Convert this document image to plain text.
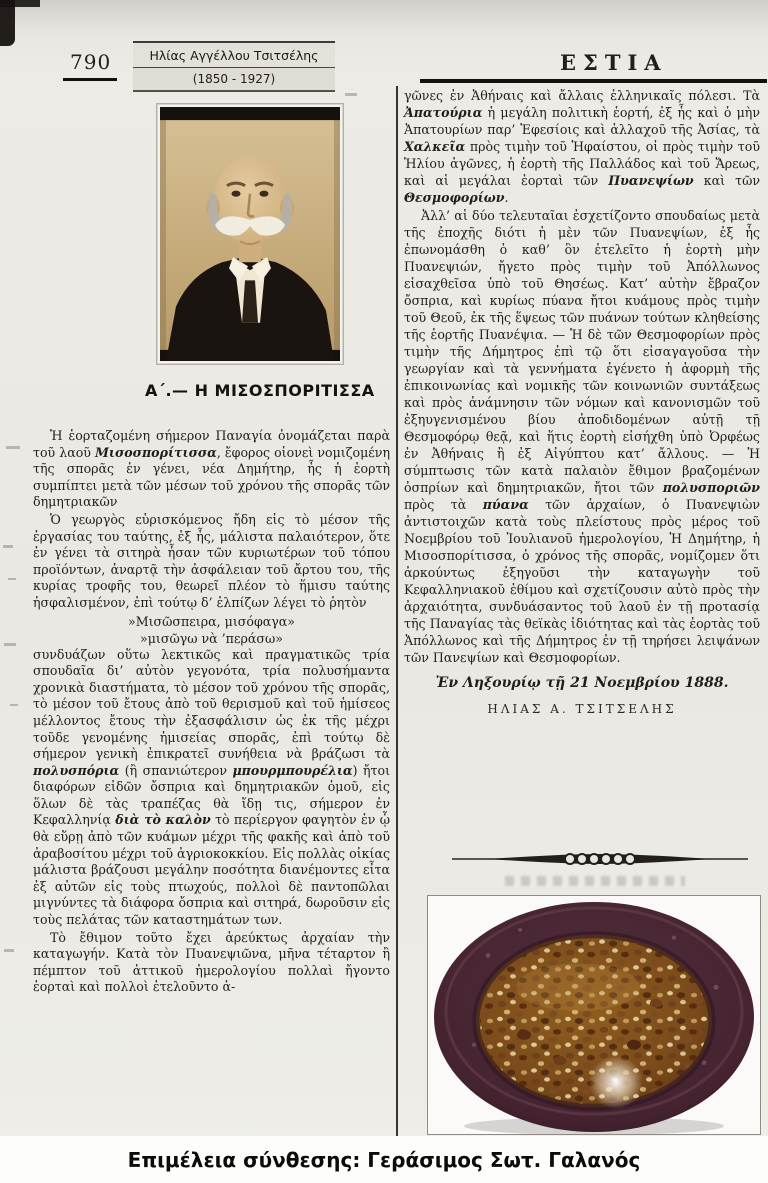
790	ΕΣΤΙΑ
Ηλίας Αγγέλλου Τσιτσέλης
(1850 - 1927)
Α΄.— Η ΜΙΣΟΣΠΟΡΙΤΙΣΣΑ

Ἡ ἑορταζομένη σήμερον Παναγία ὀνομάζεται παρὰ τοῦ λαοῦ Μισοσπορίτισσα, ἔφορος οἱονεὶ νομιζομένη τῆς σπορᾶς ἐν γένει, νέα Δημήτηρ, ἧς ἡ ἑορτὴ συμπίπτει μετὰ τῶν μέσων τοῦ χρόνου τῆς σπορᾶς τῶν δημητριακῶν

Ὁ γεωργὸς εὑρισκόμενος ἤδη εἰς τὸ μέσον τῆς ἐργασίας του ταύτης, ἐξ ἧς, μάλιστα παλαιότερον, ὅτε ἐν γένει τὰ σιτηρὰ ἦσαν τῶν κυριωτέρων τοῦ τόπου προϊόντων, ἀναρτᾷ τὴν ἀσφάλειαν τοῦ ἄρτου του, τῆς κυρίας τροφῆς του, θεωρεῖ πλέον τὸ ἥμισυ ταύτης ἠσφαλισμένον, ἐπὶ τούτῳ δ’ ἐλπίζων λέγει τὸ ῥητὸν

»Μισῶσπειρα, μισόφαγα»

»μισῶγω νὰ ’περάσω»

συνδυάζων οὕτω λεκτικῶς καὶ πραγματικῶς τρία σπουδαῖα δι’ αὐτὸν γεγονότα, τρία πολυσήμαντα χρονικὰ διαστήματα, τὸ μέσον τοῦ χρόνου τῆς σπορᾶς, τὸ μέσον τοῦ ἔτους ἀπὸ τοῦ θερισμοῦ καὶ τοῦ ἡμίσεος μέλλοντος ἔτους τὴν ἐξασφάλισιν ὡς ἐκ τῆς μέχρι τοῦδε γενομένης ἡμισείας σπορᾶς, ἐπὶ τούτῳ δὲ σήμερον γενικὴ ἐπικρατεῖ συνήθεια νὰ βράζωσι τὰ πολυσπόρια (ἢ σπανιώτερον μπουρμπουρέλια) ἤτοι διαφόρων εἰδῶν ὄσπρια καὶ δημητριακῶν ὁμοῦ, εἰς ὅλων δὲ τὰς τραπέζας θὰ ἴδῃ τις, σήμερον ἐν Κεφαλληνίᾳ διὰ τὸ καλὸν τὸ περίεργον φαγητὸν ἐν ᾧ θὰ εὕρῃ ἀπὸ τῶν κυάμων μέχρι τῆς φακῆς καὶ ἀπὸ τοῦ ἀραβοσίτου μέχρι τοῦ ἀγριοκοκκίου. Εἰς πολλὰς οἰκίας μάλιστα βράζουσι μεγάλην ποσότητα διανέμοντες εἶτα ἐξ αὐτῶν εἰς τοὺς πτωχούς, πολλοὶ δὲ παντοπῶλαι μιγνύντες τὰ διάφορα ὄσπρια καὶ σιτηρά, δωροῦσιν εἰς τοὺς πελάτας τῶν καταστημάτων των.

Τὸ ἔθιμον τοῦτο ἔχει ἀρεύκτως ἀρχαίαν τὴν καταγωγήν. Κατὰ τὸν Πυανεψιῶνα, μῆνα τέταρτον ἢ πέμπτον τοῦ ἀττικοῦ ἡμερολογίου πολλαὶ ἤγοντο ἑορταὶ καὶ πολλοὶ ἐτελοῦντο ἀ-

γῶνες ἐν Ἀθήναις καὶ ἄλλαις ἑλληνικαῖς πόλεσι. Τὰ Ἀπατούρια ἡ μεγάλη πολιτικὴ ἑορτή, ἐξ ἧς καὶ ὁ μὴν Ἀπατουρίων παρ’ Ἐφεσίοις καὶ ἀλλαχοῦ τῆς Ἀσίας, τὰ Χαλκεῖα πρὸς τιμὴν τοῦ Ἡφαίστου, οἱ πρὸς τιμὴν τοῦ Ἡλίου ἀγῶνες, ἡ ἑορτὴ τῆς Παλλάδος καὶ τοῦ Ἄρεως, καὶ αἱ μεγάλαι ἑορταὶ τῶν Πυανεψίων καὶ τῶν Θεσμοφορίων.

Ἀλλ’ αἱ δύο τελευταῖαι ἐσχετίζοντο σπουδαίως μετὰ τῆς ἐποχῆς διότι ἡ μὲν τῶν Πυανεψίων, ἐξ ἧς ἐπωνομάσθη ὁ καθ’ ὃν ἐτελεῖτο ἡ ἑορτὴ μὴν Πυανεψιών, ἤγετο πρὸς τιμὴν τοῦ Ἀπόλλωνος εἰσαχθεῖσα ὑπὸ τοῦ Θησέως. Κατ’ αὐτὴν ἔβραζον ὄσπρια, καὶ κυρίως πύανα ἤτοι κυάμους πρὸς τιμὴν τοῦ Θεοῦ, ἐκ τῆς ἕψεως τῶν πυάνων τούτων κληθείσης τῆς ἑορτῆς Πυανέψια. — Ἡ δὲ τῶν Θεσμοφορίων πρὸς τιμὴν τῆς Δήμητρος ἐπὶ τῷ ὅτι εἰσαγαγοῦσα τὴν γεωργίαν καὶ τὰ γεννήματα ἐγένετο ἡ ἀφορμὴ τῆς ἐπικοινωνίας καὶ νομικῆς τῶν κοινωνιῶν συντάξεως καὶ πρὸς ἀνάμνησιν τῶν νόμων καὶ κανονισμῶν τοῦ ἐξηυγενισμένου βίου ἀποδιδομένων αὐτῇ τῇ Θεσμοφόρῳ θεᾷ, καὶ ἥτις ἑορτὴ εἰσήχθη ὑπὸ Ὀρφέως ἐν Ἀθήναις ἢ ἐξ Αἰγύπτου κατ’ ἄλλους. — Ἡ σύμπτωσις τῶν κατὰ παλαιὸν ἔθιμον βραζομένων ὀσπρίων καὶ δημητριακῶν, ἤτοι τῶν πολυσποριῶν πρὸς τὰ πύανα τῶν ἀρχαίων, ὁ Πυανεψιὼν ἀντιστοιχῶν κατὰ τοὺς πλείστους πρὸς μέρος τοῦ Νοεμβρίου τοῦ Ἰουλιανοῦ ἡμερολογίου, Ἡ Δημήτηρ, ἡ Μισοσπορίτισσα, ὁ χρόνος τῆς σπορᾶς, νομίζομεν ὅτι ἀρκούντως ἐξηγοῦσι τὴν καταγωγὴν τοῦ Κεφαλληνιακοῦ ἐθίμου καὶ σχετίζουσιν αὐτὸ πρὸς τὴν ἀρχαιότητα, συνδυάσαντος τοῦ λαοῦ ἐν τῇ προτασίᾳ τῆς Παναγίας τὰς θεϊκὰς ἰδιότητας καὶ τὰς ἑορτὰς τοῦ Ἀπόλλωνος καὶ τῆς Δήμητρος ἐν τῇ τηρήσει λειψάνων τῶν Πανεψίων καὶ Θεσμοφορίων.

Ἐν Ληξουρίῳ τῇ 21 Νοεμβρίου 1888.

ΗΛΙΑΣ Α. ΤΣΙΤΣΕΛΗΣ

Επιμέλεια σύνθεσης: Γεράσιμος Σωτ. Γαλανός
